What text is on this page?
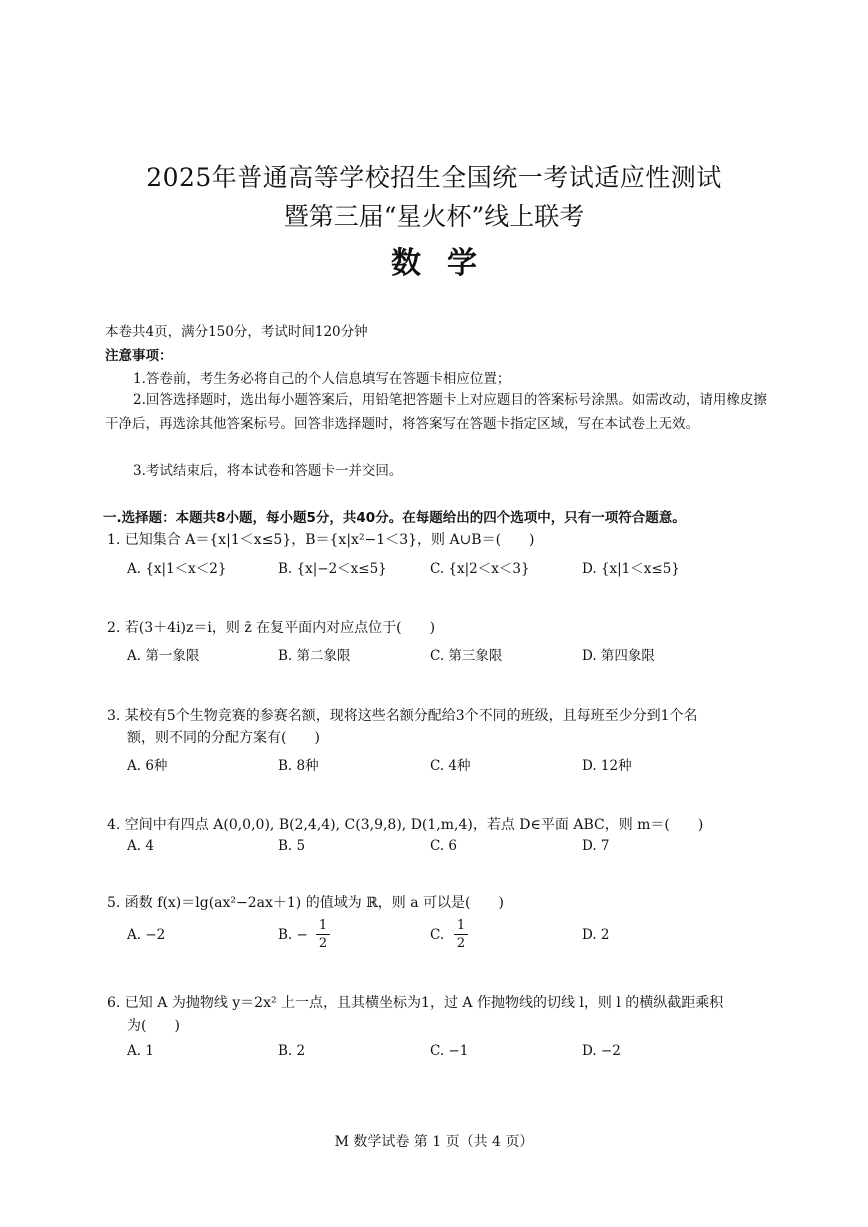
2025年普通高等学校招生全国统一考试适应性测试
暨第三届“星火杯”线上联考
数学
本卷共4页，满分150分，考试时间120分钟
注意事项：
1.答卷前，考生务必将自己的个人信息填写在答题卡相应位置；
2.回答选择题时，选出每小题答案后，用铅笔把答题卡上对应题目的答案标号涂黑。如需改动，请用橡皮擦干净后，再选涂其他答案标号。回答非选择题时，将答案写在答题卡指定区域，写在本试卷上无效。
3.考试结束后，将本试卷和答题卡一并交回。
一.选择题：本题共8小题，每小题5分，共40分。在每题给出的四个选项中，只有一项符合题意。
1. 已知集合 A＝{x|1＜x≤5}，B＝{x|x²−1＜3}，则 A∪B＝(　　)
A. {x|1＜x＜2}	B. {x|−2＜x≤5}	C. {x|2＜x＜3}	D. {x|1＜x≤5}
2. 若(3＋4i)z＝i，则 z̄ 在复平面内对应点位于(　　)
A. 第一象限	B. 第二象限	C. 第三象限	D. 第四象限
3. 某校有5个生物竞赛的参赛名额，现将这些名额分配给3个不同的班级，且每班至少分到1个名
额，则不同的分配方案有(　　)
A. 6种	B. 8种	C. 4种	D. 12种
4. 空间中有四点 A(0,0,0), B(2,4,4), C(3,9,8), D(1,m,4)，若点 D∈平面 ABC，则 m＝(　　)
A. 4	B. 5	C. 6	D. 7
5. 函数 f(x)＝lg(ax²−2ax＋1) 的值域为 ℝ，则 a 可以是(　　)
A. −2	B. −
1
2
C.
1
2
D. 2
6. 已知 A 为抛物线 y＝2x² 上一点，且其横坐标为1，过 A 作抛物线的切线 l，则 l 的横纵截距乘积
为(　　)
A. 1	B. 2	C. −1	D. −2
M 数学试卷 第 1 页（共 4 页）
